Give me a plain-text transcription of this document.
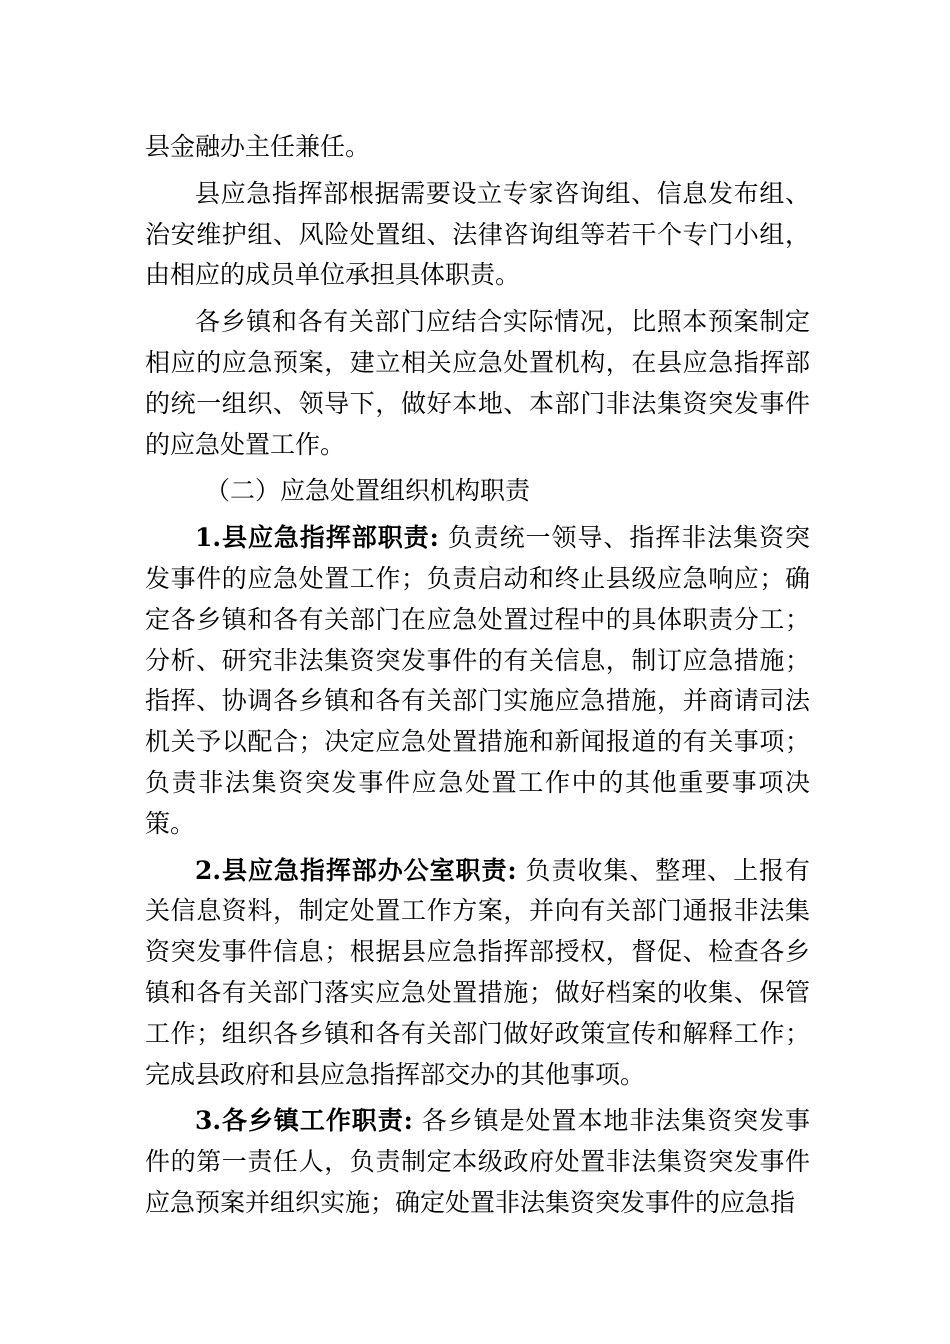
县金融办主任兼任。

县应急指挥部根据需要设立专家咨询组、信息发布组、治安维护组、风险处置组、法律咨询组等若干个专门小组，由相应的成员单位承担具体职责。

各乡镇和各有关部门应结合实际情况，比照本预案制定相应的应急预案，建立相关应急处置机构，在县应急指挥部的统一组织、领导下，做好本地、本部门非法集资突发事件的应急处置工作。

（二）应急处置组织机构职责

1.县应急指挥部职责: 负责统一领导、指挥非法集资突发事件的应急处置工作；负责启动和终止县级应急响应；确定各乡镇和各有关部门在应急处置过程中的具体职责分工；分析、研究非法集资突发事件的有关信息，制订应急措施；指挥、协调各乡镇和各有关部门实施应急措施，并商请司法机关予以配合；决定应急处置措施和新闻报道的有关事项；负责非法集资突发事件应急处置工作中的其他重要事项决策。

2.县应急指挥部办公室职责: 负责收集、整理、上报有关信息资料，制定处置工作方案，并向有关部门通报非法集资突发事件信息；根据县应急指挥部授权，督促、检查各乡镇和各有关部门落实应急处置措施；做好档案的收集、保管工作；组织各乡镇和各有关部门做好政策宣传和解释工作；完成县政府和县应急指挥部交办的其他事项。

3.各乡镇工作职责: 各乡镇是处置本地非法集资突发事件的第一责任人，负责制定本级政府处置非法集资突发事件应急预案并组织实施；确定处置非法集资突发事件的应急指
